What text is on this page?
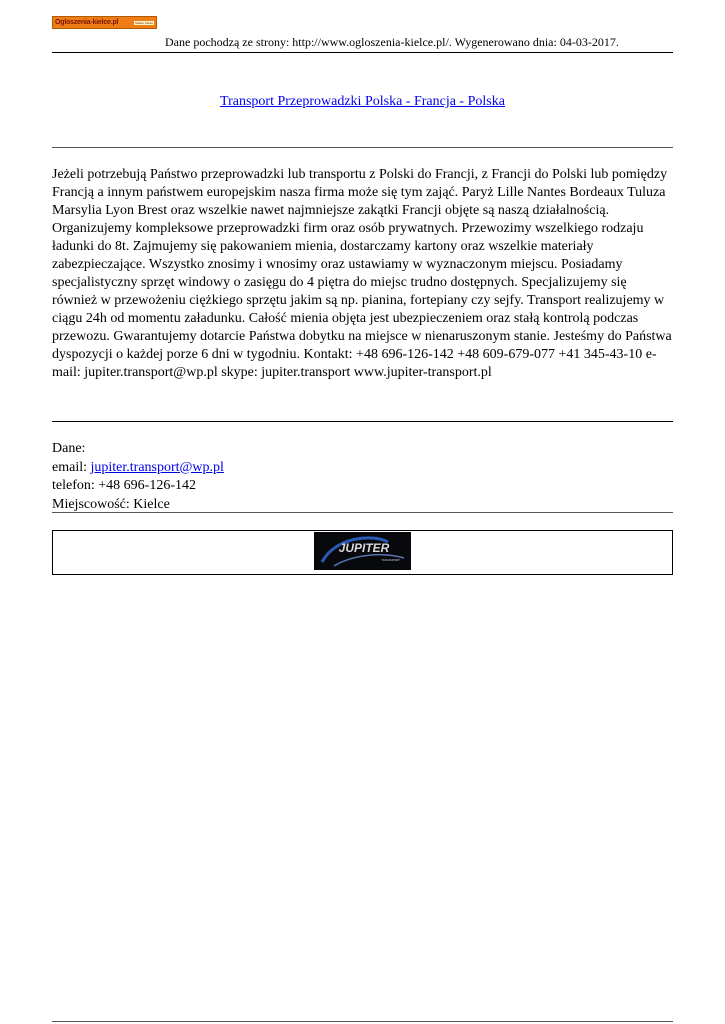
Ogloszenia-kielce.pl	Miasto Kielce
Dane pochodzą ze strony: http://www.ogloszenia-kielce.pl/. Wygenerowano dnia: 04-03-2017.
Transport Przeprowadzki Polska - Francja - Polska

Jeżeli potrzebują Państwo przeprowadzki lub transportu z Polski do Francji, z Francji do Polski lub pomiędzy Francją a innym państwem europejskim nasza firma może się tym zająć. Paryż Lille Nantes Bordeaux Tuluza Marsylia Lyon Brest oraz wszelkie nawet najmniejsze zakątki Francji objęte są naszą działalnością. Organizujemy kompleksowe przeprowadzki firm oraz osób prywatnych. Przewozimy wszelkiego rodzaju ładunki do 8t. Zajmujemy się pakowaniem mienia, dostarczamy kartony oraz wszelkie materiały zabezpieczające. Wszystko znosimy i wnosimy oraz ustawiamy w wyznaczonym miejscu. Posiadamy specjalistyczny sprzęt windowy o zasięgu do 4 piętra do miejsc trudno dostępnych. Specjalizujemy się również w przewożeniu ciężkiego sprzętu jakim są np. pianina, fortepiany czy sejfy. Transport realizujemy w ciągu 24h od momentu załadunku. Całość mienia objęta jest ubezpieczeniem oraz stałą kontrolą podczas przewozu. Gwarantujemy dotarcie Państwa dobytku na miejsce w nienaruszonym stanie. Jesteśmy do Państwa dyspozycji o każdej porze 6 dni w tygodniu. Kontakt: +48 696-126-142 +48 609-679-077 +41 345-43-10 e-mail: jupiter.transport@wp.pl skype: jupiter.transport www.jupiter-transport.pl

Dane:
email: jupiter.transport@wp.pl
telefon: +48 696-126-142
Miejscowość: Kielce
JUPITER
TRANSPORT
